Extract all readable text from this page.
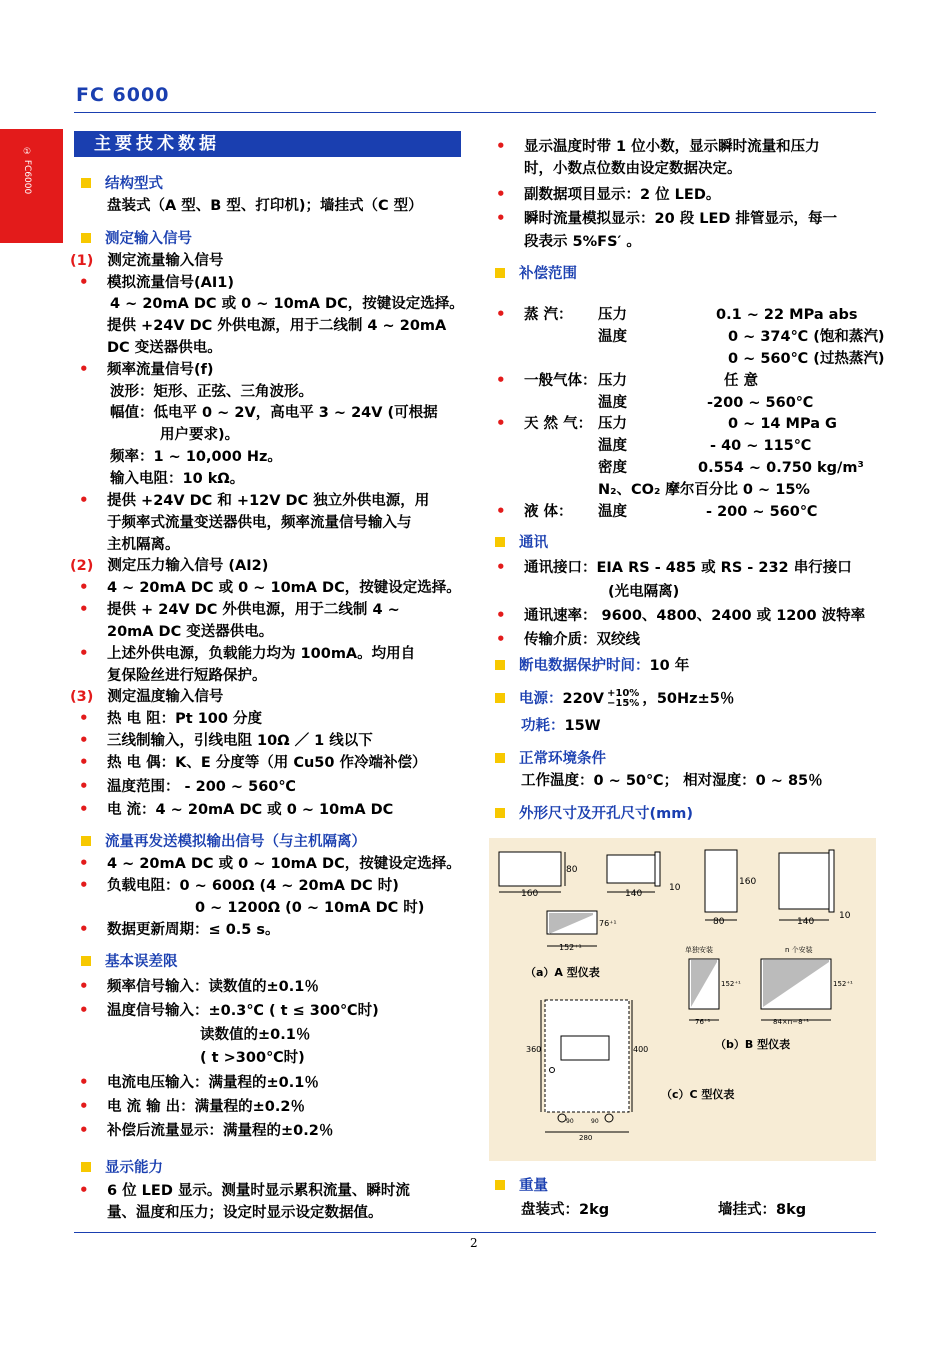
FC 6000
① FC6000
主要技术数据
结构型式
盘装式（A 型、B 型、打印机)；墙挂式（C 型）
测定输入信号
(1) 测定流量输入信号
• 模拟流量信号(AI1)
4 ~ 20mA DC 或 0 ~ 10mA DC，按键设定选择。
提供 +24V DC 外供电源，用于二线制 4 ~ 20mA
DC 变送器供电。
• 频率流量信号(f)
波形：矩形、正弦、三角波形。
幅值：低电平 0 ~ 2V，高电平 3 ~ 24V (可根据
用户要求)。
频率：1 ~ 10,000 Hz。
输入电阻：10 kΩ。
• 提供 +24V DC 和 +12V DC 独立外供电源，用
于频率式流量变送器供电，频率流量信号输入与
主机隔离。
(2) 测定压力输入信号 (AI2)
• 4 ~ 20mA DC 或 0 ~ 10mA DC，按键设定选择。
• 提供 + 24V DC 外供电源，用于二线制 4 ~
20mA DC 变送器供电。
• 上述外供电源，负载能力均为 100mA。均用自
复保险丝进行短路保护。
(3) 测定温度输入信号
• 热 电 阻：Pt 100 分度
• 三线制输入，引线电阻 10Ω ／ 1 线以下
• 热 电 偶：K、E 分度等（用 Cu50 作冷端补偿）
• 温度范围： - 200 ~ 560℃
• 电 流：4 ~ 20mA DC 或 0 ~ 10mA DC
流量再发送模拟输出信号（与主机隔离）
• 4 ~ 20mA DC 或 0 ~ 10mA DC，按键设定选择。
• 负载电阻：0 ~ 600Ω (4 ~ 20mA DC 时)
0 ~ 1200Ω (0 ~ 10mA DC 时)
• 数据更新周期：≤ 0.5 s。
基本误差限
• 频率信号输入：读数值的±0.1％
• 温度信号输入：±0.3℃ ( t ≤ 300℃时)
读数值的±0.1％
( t >300℃时)
• 电流电压输入：满量程的±0.1％
• 电 流 输 出：满量程的±0.2％
• 补偿后流量显示：满量程的±0.2％
显示能力
• 6 位 LED 显示。测量时显示累积流量、瞬时流
量、温度和压力；设定时显示设定数据值。
• 显示温度时带 1 位小数，显示瞬时流量和压力
时，小数点位数由设定数据决定。
• 副数据项目显示：2 位 LED。
• 瞬时流量模拟显示：20 段 LED 排管显示，每一
段表示 5%FS′ 。
补偿范围
• 蒸 汽： 压力	0.1 ~ 22 MPa abs
温度	0 ~ 374℃ (饱和蒸汽)
0 ~ 560℃ (过热蒸汽)
• 一般气体： 压力	任 意
温度	-200 ~ 560℃
• 天 然 气： 压力	0 ~ 14 MPa G
温度	- 40 ~ 115℃
密度	0.554 ~ 0.750 kg/m³
N₂、CO₂ 摩尔百分比 0 ~ 15%
• 液 体： 温度	- 200 ~ 560℃
通讯
• 通讯接口：EIA RS - 485 或 RS - 232 串行接口
(光电隔离)
• 通讯速率： 9600、4800、2400 或 1200 波特率
• 传输介质：双绞线
断电数据保护时间：10 年
电源：220V +10%
−15% ，50Hz±5％
功耗：15W
正常环境条件
工作温度：0 ~ 50℃； 相对湿度：0 ~ 85％
外形尺寸及开孔尺寸(mm)
重量
盘装式：2kg	墙挂式：8kg
80
160	140
10
76⁺¹
152⁺¹
（a）A 型仪表
160
80	140
10
单独安装	n 个安装
152⁺¹
76⁺¹
152⁺¹
84×n−8⁺¹
（b）B 型仪表
360	400
90	90
280
（c）C 型仪表
2
